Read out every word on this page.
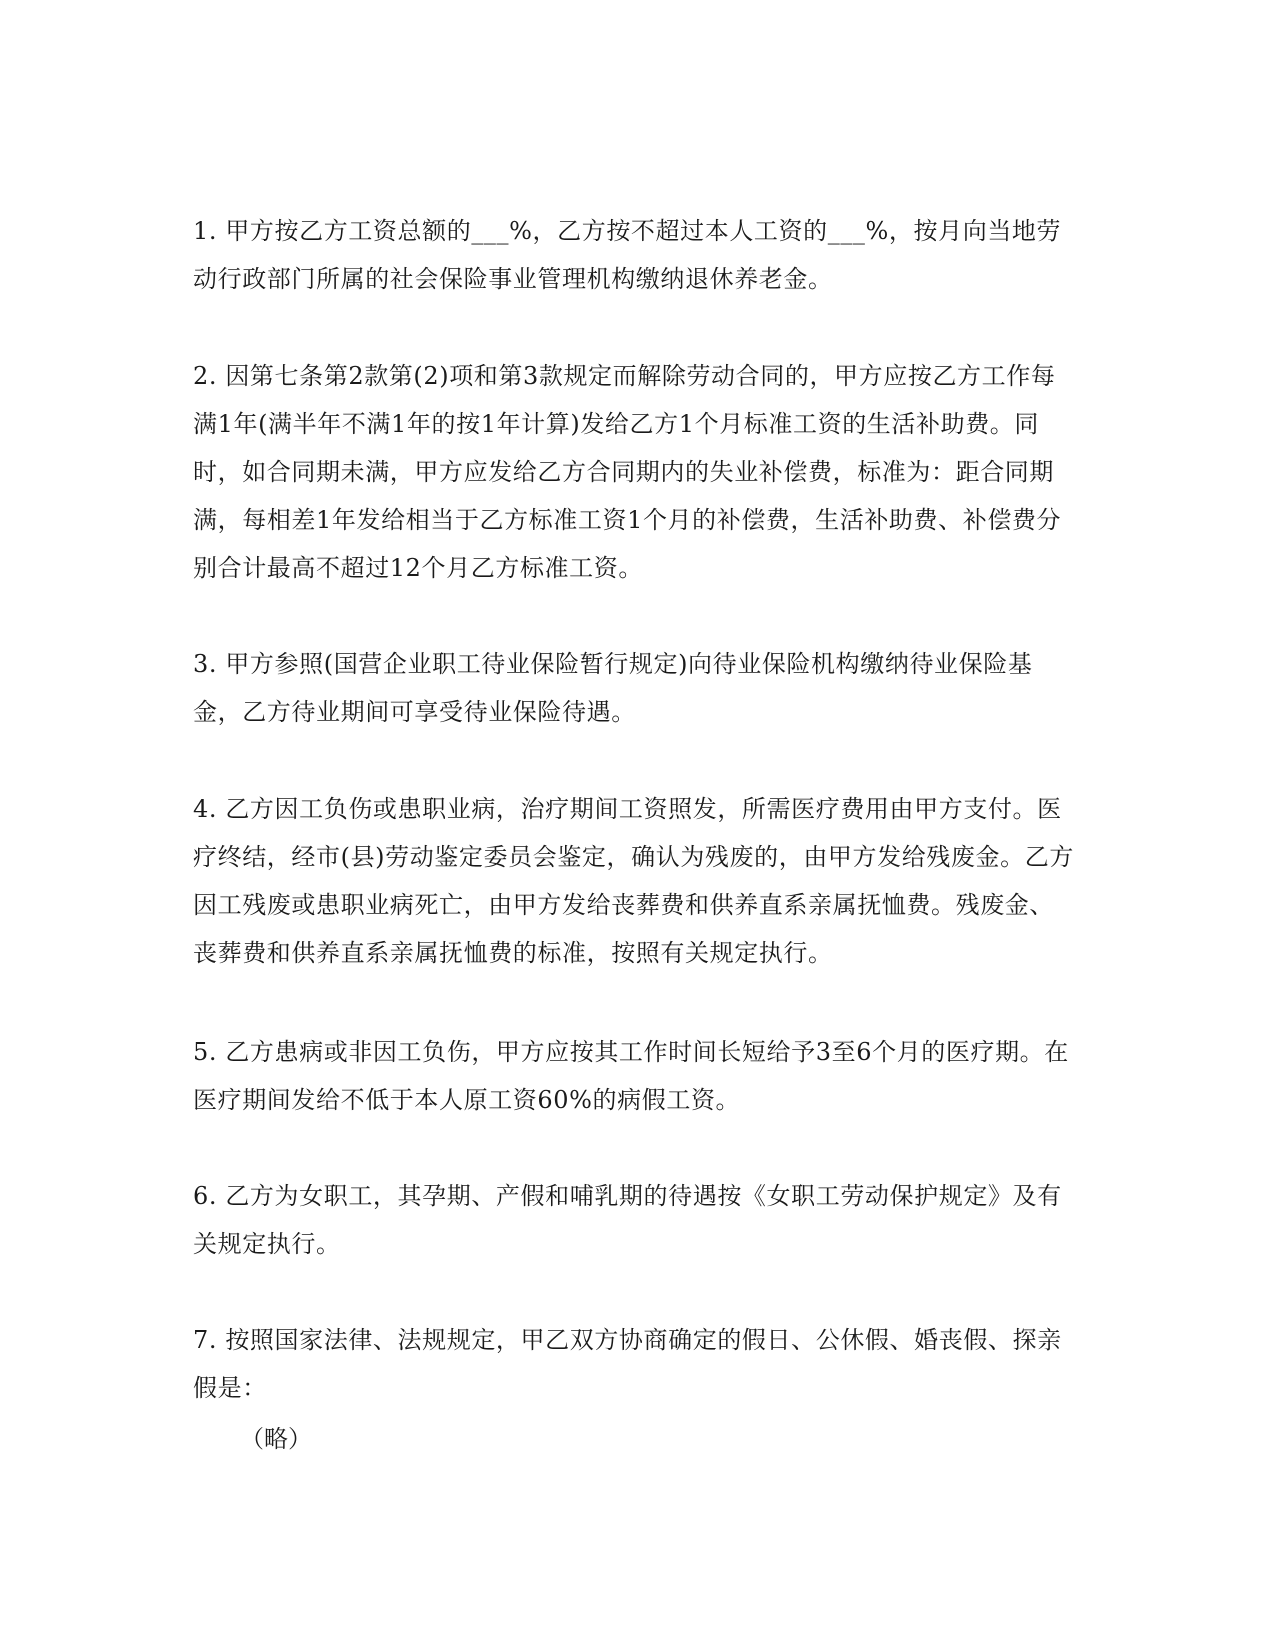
1. 甲方按乙方工资总额的___%，乙方按不超过本人工资的___%，按月向当地劳动行政部门所属的社会保险事业管理机构缴纳退休养老金。

2. 因第七条第2款第(2)项和第3款规定而解除劳动合同的，甲方应按乙方工作每满1年(满半年不满1年的按1年计算)发给乙方1个月标准工资的生活补助费。同时，如合同期未满，甲方应发给乙方合同期内的失业补偿费，标准为：距合同期满，每相差1年发给相当于乙方标准工资1个月的补偿费，生活补助费、补偿费分别合计最高不超过12个月乙方标准工资。

3. 甲方参照(国营企业职工待业保险暂行规定)向待业保险机构缴纳待业保险基金，乙方待业期间可享受待业保险待遇。

4. 乙方因工负伤或患职业病，治疗期间工资照发，所需医疗费用由甲方支付。医疗终结，经市(县)劳动鉴定委员会鉴定，确认为残废的，由甲方发给残废金。乙方因工残废或患职业病死亡，由甲方发给丧葬费和供养直系亲属抚恤费。残废金、丧葬费和供养直系亲属抚恤费的标准，按照有关规定执行。

5. 乙方患病或非因工负伤，甲方应按其工作时间长短给予3至6个月的医疗期。在医疗期间发给不低于本人原工资60%的病假工资。

6. 乙方为女职工，其孕期、产假和哺乳期的待遇按《女职工劳动保护规定》及有关规定执行。

7. 按照国家法律、法规规定，甲乙双方协商确定的假日、公休假、婚丧假、探亲假是：

（略）
